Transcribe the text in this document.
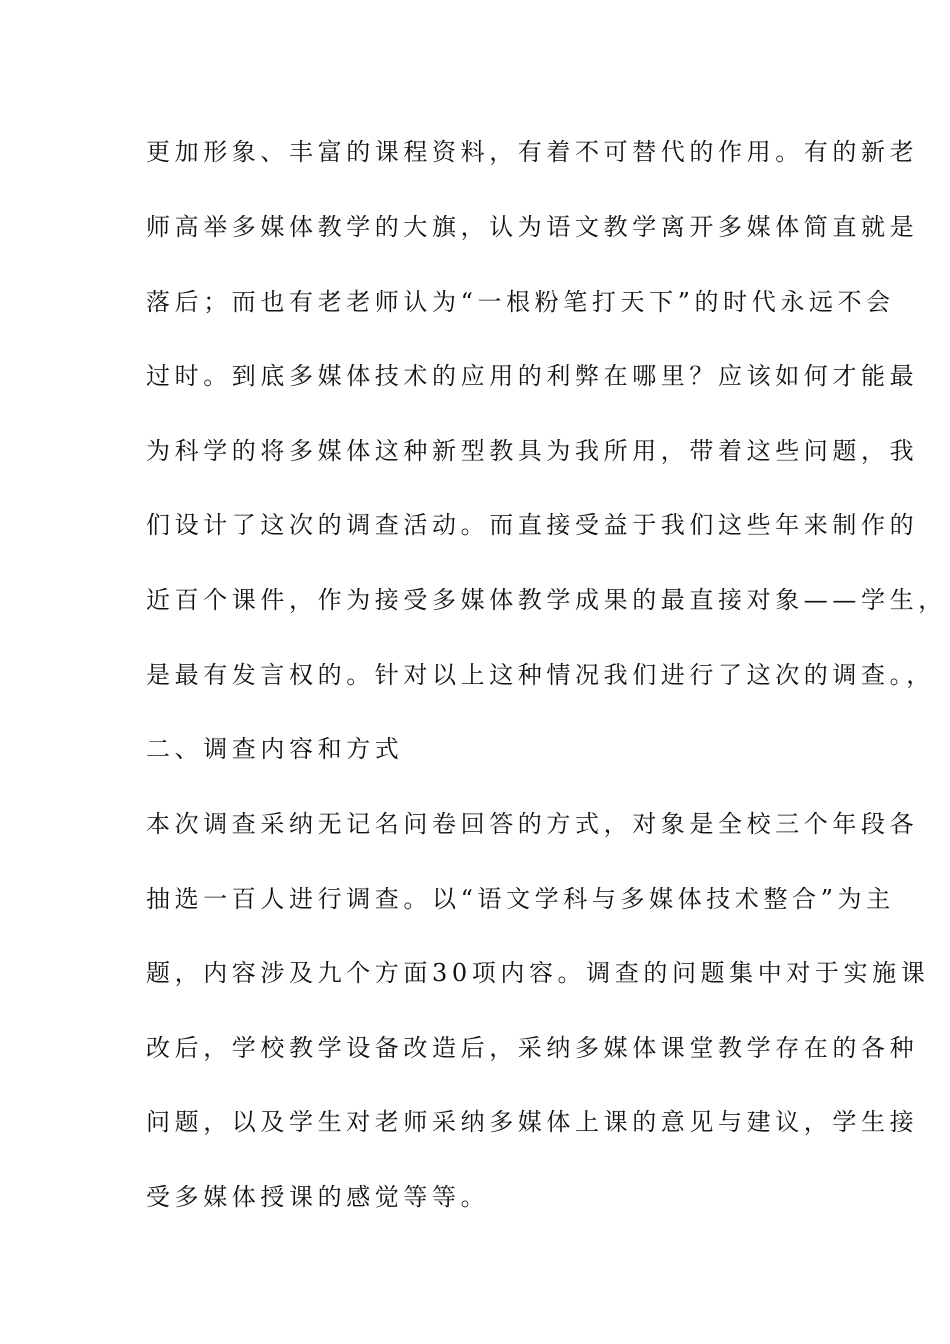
更加形象、丰富的课程资料，有着不可替代的作用。有的新老
师高举多媒体教学的大旗，认为语文教学离开多媒体简直就是
落后；而也有老老师认为“一根粉笔打天下”的时代永远不会
过时。到底多媒体技术的应用的利弊在哪里？应该如何才能最
为科学的将多媒体这种新型教具为我所用，带着这些问题，我
们设计了这次的调查活动。而直接受益于我们这些年来制作的
近百个课件，作为接受多媒体教学成果的最直接对象——学生，
是最有发言权的。针对以上这种情况我们进行了这次的调查。，
二、调查内容和方式
本次调查采纳无记名问卷回答的方式，对象是全校三个年段各
抽选一百人进行调查。以“语文学科与多媒体技术整合”为主
题，内容涉及九个方面30项内容。调查的问题集中对于实施课
改后，学校教学设备改造后，采纳多媒体课堂教学存在的各种
问题，以及学生对老师采纳多媒体上课的意见与建议，学生接
受多媒体授课的感觉等等。
